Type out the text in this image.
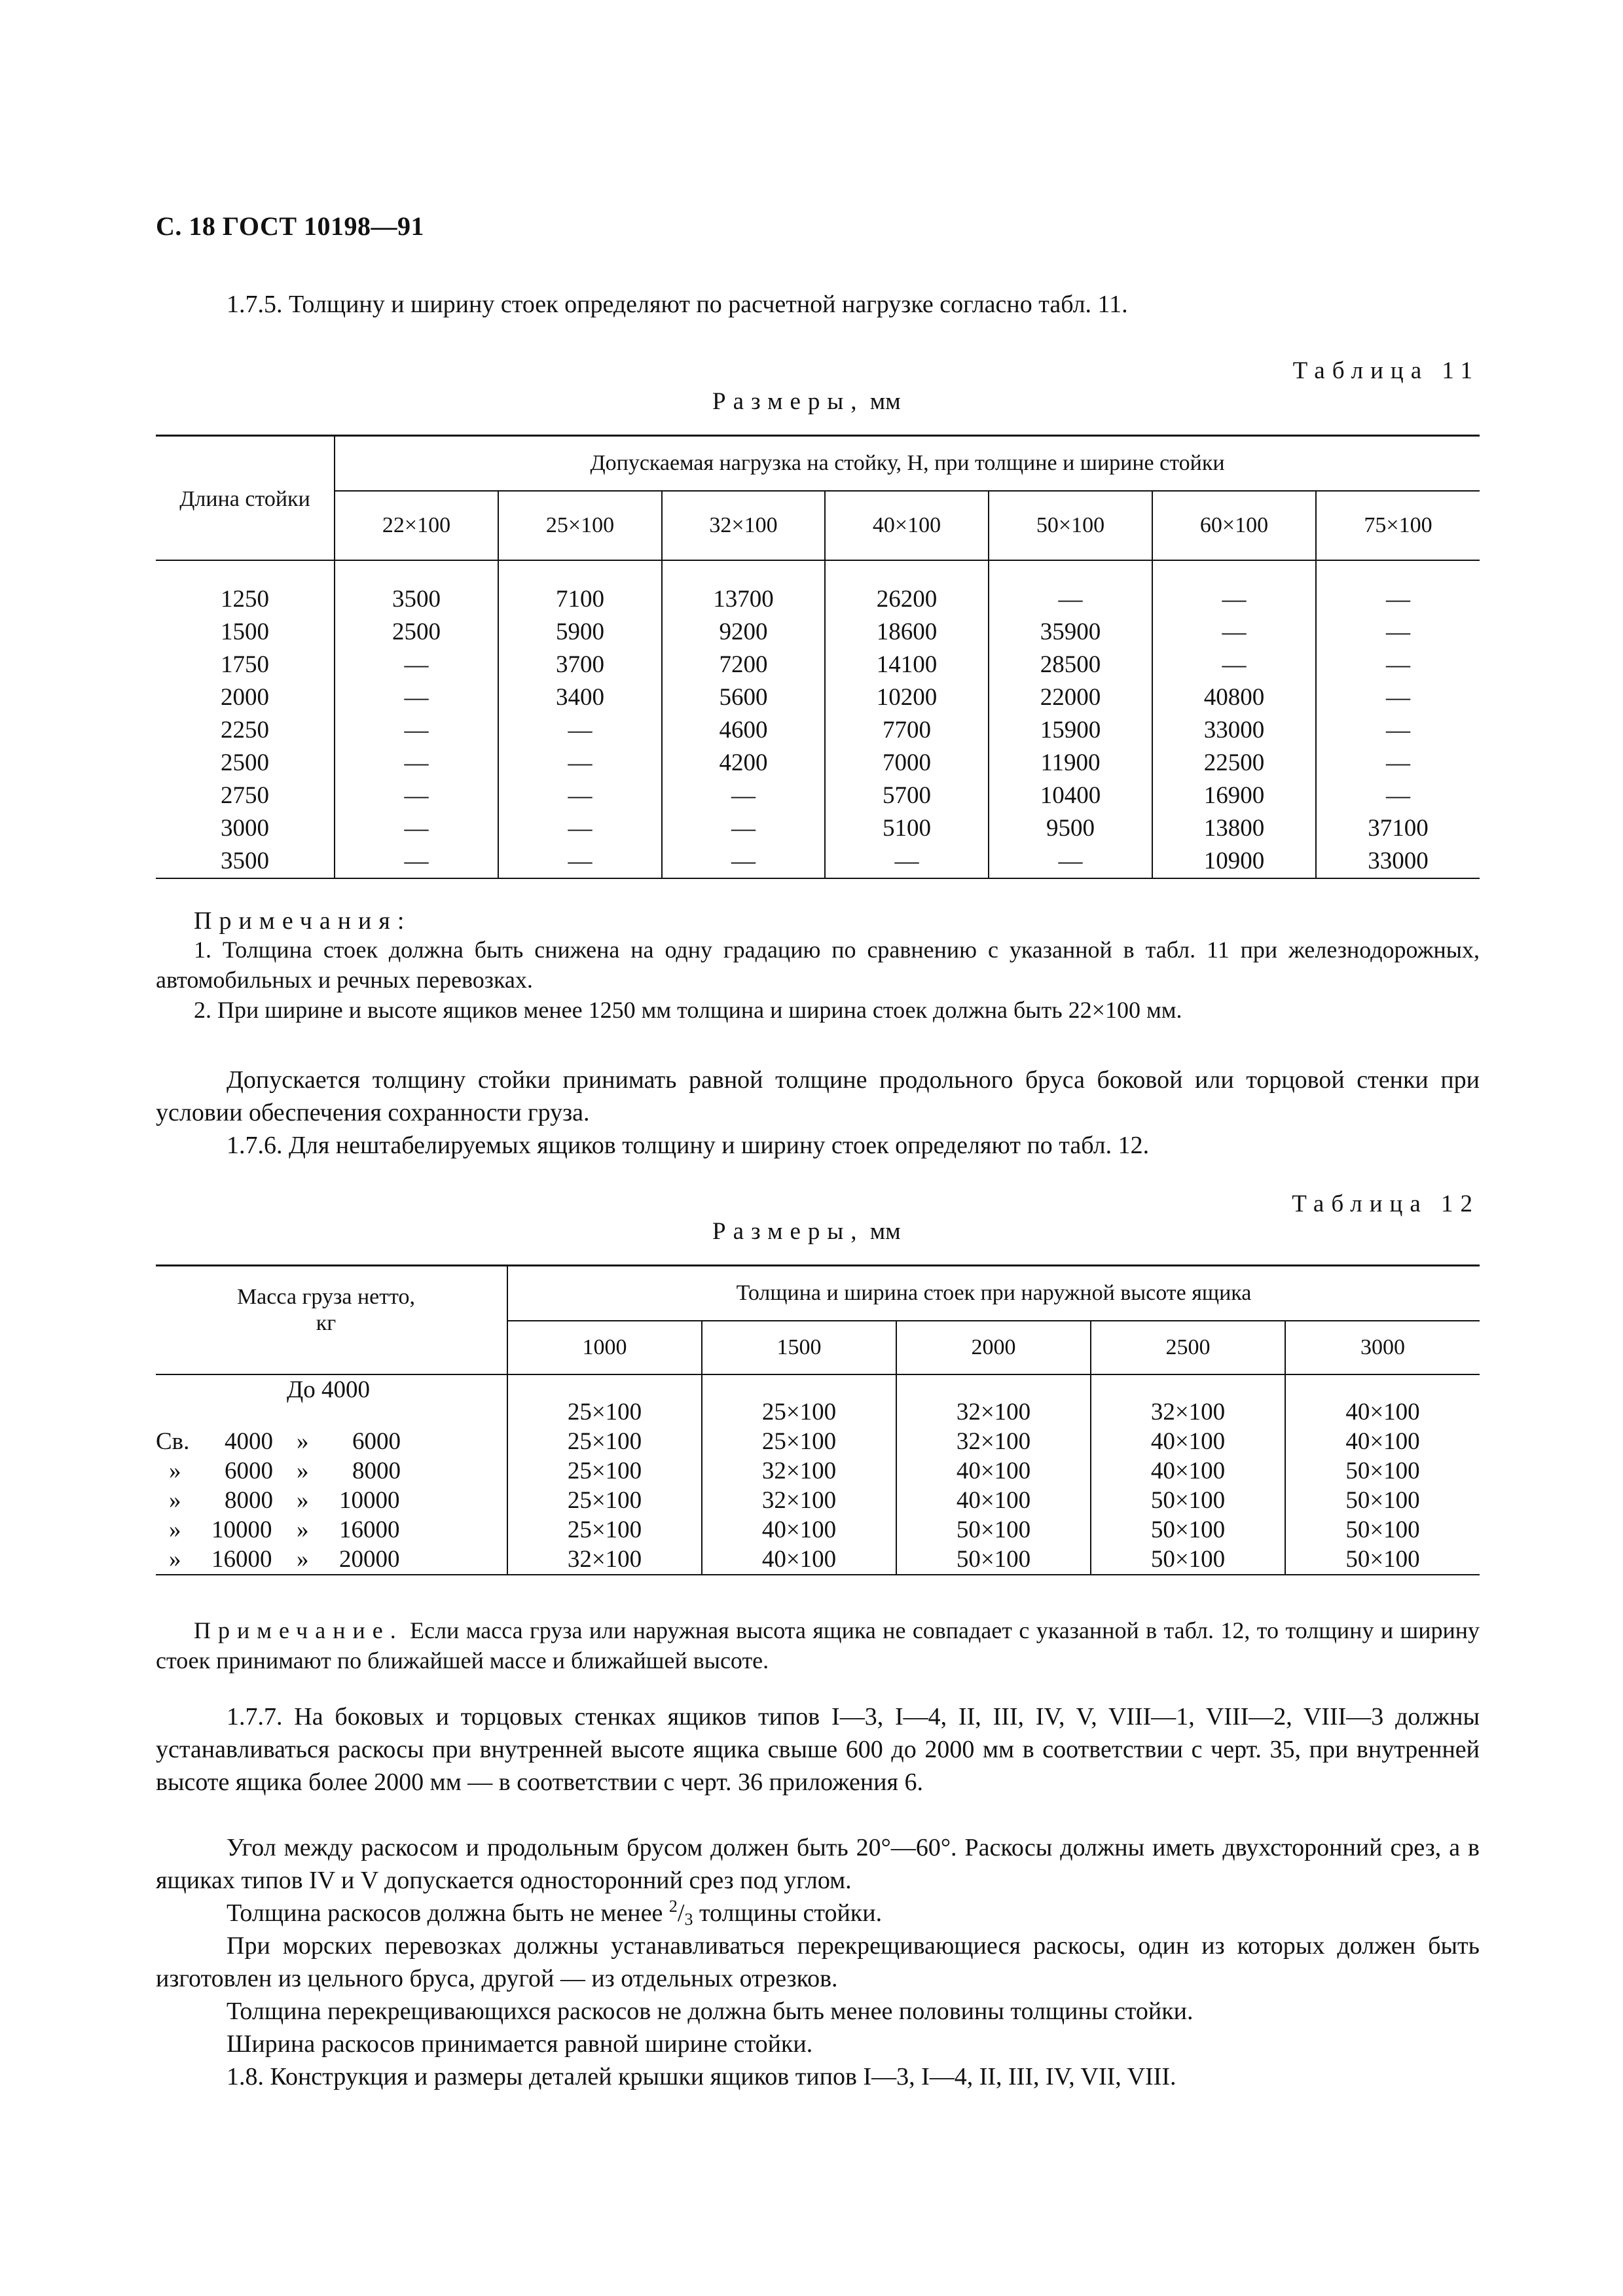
С. 18 ГОСТ 10198—91
1.7.5. Толщину и ширину стоек определяют по расчетной нагрузке согласно табл. 11.
Таблица 11
Размеры, мм
Длина стойки	Допускаемая нагрузка на стойку, Н, при толщине и ширине стойки						
	22×100	25×100	32×100	40×100	50×100	60×100	75×100
1250	3500	7100	13700	26200	—	—	—
1500	2500	5900	9200	18600	35900	—	—
1750	—	3700	7200	14100	28500	—	—
2000	—	3400	5600	10200	22000	40800	—
2250	—	—	4600	7700	15900	33000	—
2500	—	—	4200	7000	11900	22500	—
2750	—	—	—	5700	10400	16900	—
3000	—	—	—	5100	9500	13800	37100
3500	—	—	—	—	—	10900	33000
Примечания:
1. Толщина стоек должна быть снижена на одну градацию по сравнению с указанной в табл. 11 при железнодорожных, автомобильных и речных перевозках.
2. При ширине и высоте ящиков менее 1250 мм толщина и ширина стоек должна быть 22×100 мм.
Допускается толщину стойки принимать равной толщине продольного бруса боковой или торцовой стенки при условии обеспечения сохранности груза.
1.7.6. Для нештабелируемых ящиков толщину и ширину стоек определяют по табл. 12.
Таблица 12
Размеры, мм
Масса груза нетто, кг	Толщина и ширина стоек при наружной высоте ящика				
	1000	1500	2000	2500	3000

До 4000	25×100	25×100	32×100	32×100	40×100

Св. 4000 » 6000	25×100	25×100	32×100	40×100	40×100

» 6000 » 8000	25×100	32×100	40×100	40×100	50×100

» 8000 » 10000	25×100	32×100	40×100	50×100	50×100

» 10000 » 16000	25×100	40×100	50×100	50×100	50×100

» 16000 » 20000	32×100	40×100	50×100	50×100	50×100
Примечание. Если масса груза или наружная высота ящика не совпадает с указанной в табл. 12, то толщину и ширину стоек принимают по ближайшей массе и ближайшей высоте.
1.7.7. На боковых и торцовых стенках ящиков типов I—3, I—4, II, III, IV, V, VIII—1, VIII—2, VIII—3 должны устанавливаться раскосы при внутренней высоте ящика свыше 600 до 2000 мм в соответствии с черт. 35, при внутренней высоте ящика более 2000 мм — в соответствии с черт. 36 приложения 6.
Угол между раскосом и продольным брусом должен быть 20°—60°. Раскосы должны иметь двухсторонний срез, а в ящиках типов IV и V допускается односторонний срез под углом.
Толщина раскосов должна быть не менее $^2$/3 толщины стойки.
При морских перевозках должны устанавливаться перекрещивающиеся раскосы, один из которых должен быть изготовлен из цельного бруса, другой — из отдельных отрезков.
Толщина перекрещивающихся раскосов не должна быть менее половины толщины стойки.
Ширина раскосов принимается равной ширине стойки.
1.8. Конструкция и размеры деталей крышки ящиков типов I—3, I—4, II, III, IV, VII, VIII.
